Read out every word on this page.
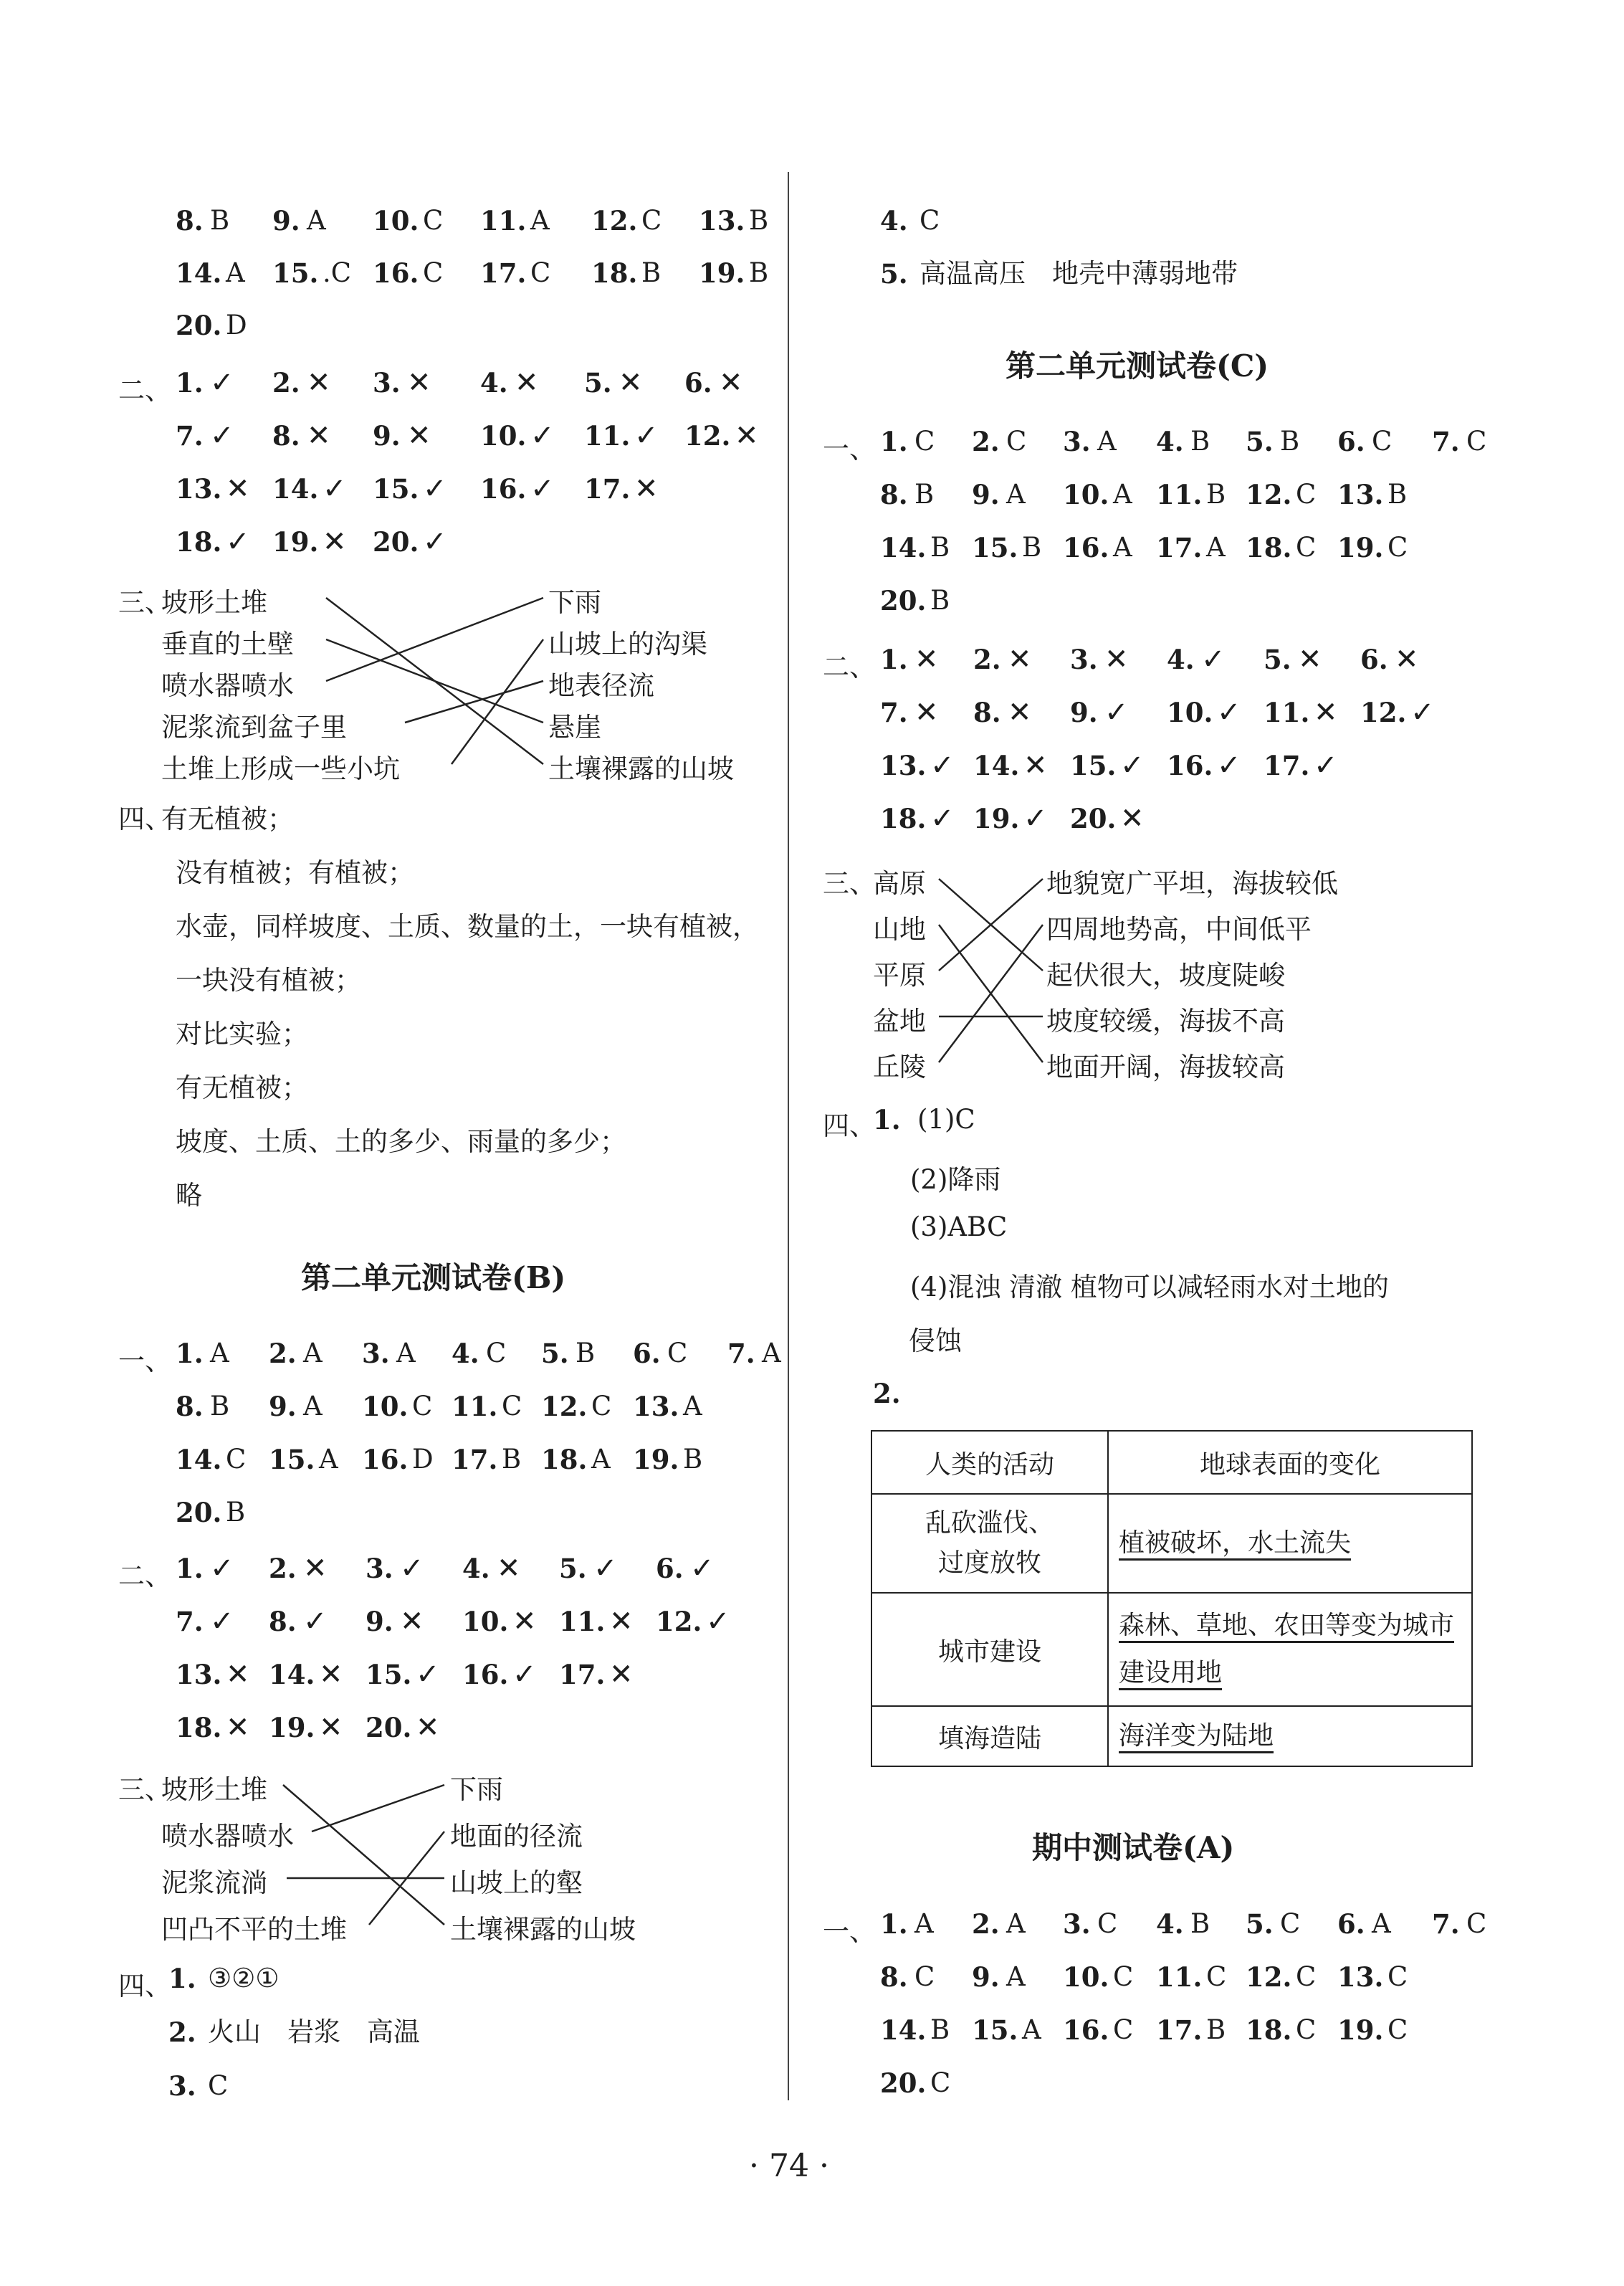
8. B 9. A 10. C 11. A 12. C 13. B
14. A 15. .C 16. C 17. C 18. B 19. B
20. D
二、 1. ✓ 2. ✕ 3. ✕ 4. ✕ 5. ✕ 6. ✕
7. ✓ 8. ✕ 9. ✕ 10. ✓ 11. ✓ 12. ✕
13. ✕ 14. ✓ 15. ✓ 16. ✓ 17. ✕
18. ✓ 19. ✕ 20. ✓
三、
坡形土堆
垂直的土壁
喷水器喷水
泥浆流到盆子里
土堆上形成一些小坑
下雨
山坡上的沟渠
地表径流
悬崖
土壤裸露的山坡
四、
有无植被；
没有植被；有植被；
水壶，同样坡度、土质、数量的土，一块有植被，
一块没有植被；
对比实验；
有无植被；
坡度、土质、土的多少、雨量的多少；
略
第二单元测试卷(B)
一、 1. A 2. A 3. A 4. C 5. B 6. C 7. A
8. B 9. A 10. C 11. C 12. C 13. A
14. C 15. A 16. D 17. B 18. A 19. B
20. B
二、 1. ✓ 2. ✕ 3. ✓ 4. ✕ 5. ✓ 6. ✓
7. ✓ 8. ✓ 9. ✕ 10. ✕ 11. ✕ 12. ✓
13. ✕ 14. ✕ 15. ✓ 16. ✓ 17. ✕
18. ✕ 19. ✕ 20. ✕
三、
坡形土堆
喷水器喷水
泥浆流淌
凹凸不平的土堆
下雨
地面的径流
山坡上的壑
土壤裸露的山坡
四、
1. ③②①
2. 火山　岩浆　高温
3. C
4. C
5. 高温高压　地壳中薄弱地带
第二单元测试卷(C)
一、 1. C 2. C 3. A 4. B 5. B 6. C 7. C
8. B 9. A 10. A 11. B 12. C 13. B
14. B 15. B 16. A 17. A 18. C 19. C
20. B
二、 1. ✕ 2. ✕ 3. ✕ 4. ✓ 5. ✕ 6. ✕
7. ✕ 8. ✕ 9. ✓ 10. ✓ 11. ✕ 12. ✓
13. ✓ 14. ✕ 15. ✓ 16. ✓ 17. ✓
18. ✓ 19. ✓ 20. ✕
三、
高原
山地
平原
盆地
丘陵
地貌宽广平坦，海拔较低
四周地势高，中间低平
起伏很大，坡度陡峻
坡度较缓，海拔不高
地面开阔，海拔较高
四、
1. (1)C
(2)降雨
(3)ABC
(4)混浊 清澈 植物可以减轻雨水对土地的
侵蚀
2.
人类的活动	地球表面的变化

乱砍滥伐、
过度放牧	植被破坏，水土流失
城市建设	森林、草地、农田等变为城市建设用地
填海造陆	海洋变为陆地
期中测试卷(A)
一、 1. A 2. A 3. C 4. B 5. C 6. A 7. C
8. C 9. A 10. C 11. C 12. C 13. C
14. B 15. A 16. C 17. B 18. C 19. C
20. C
· 74 ·
